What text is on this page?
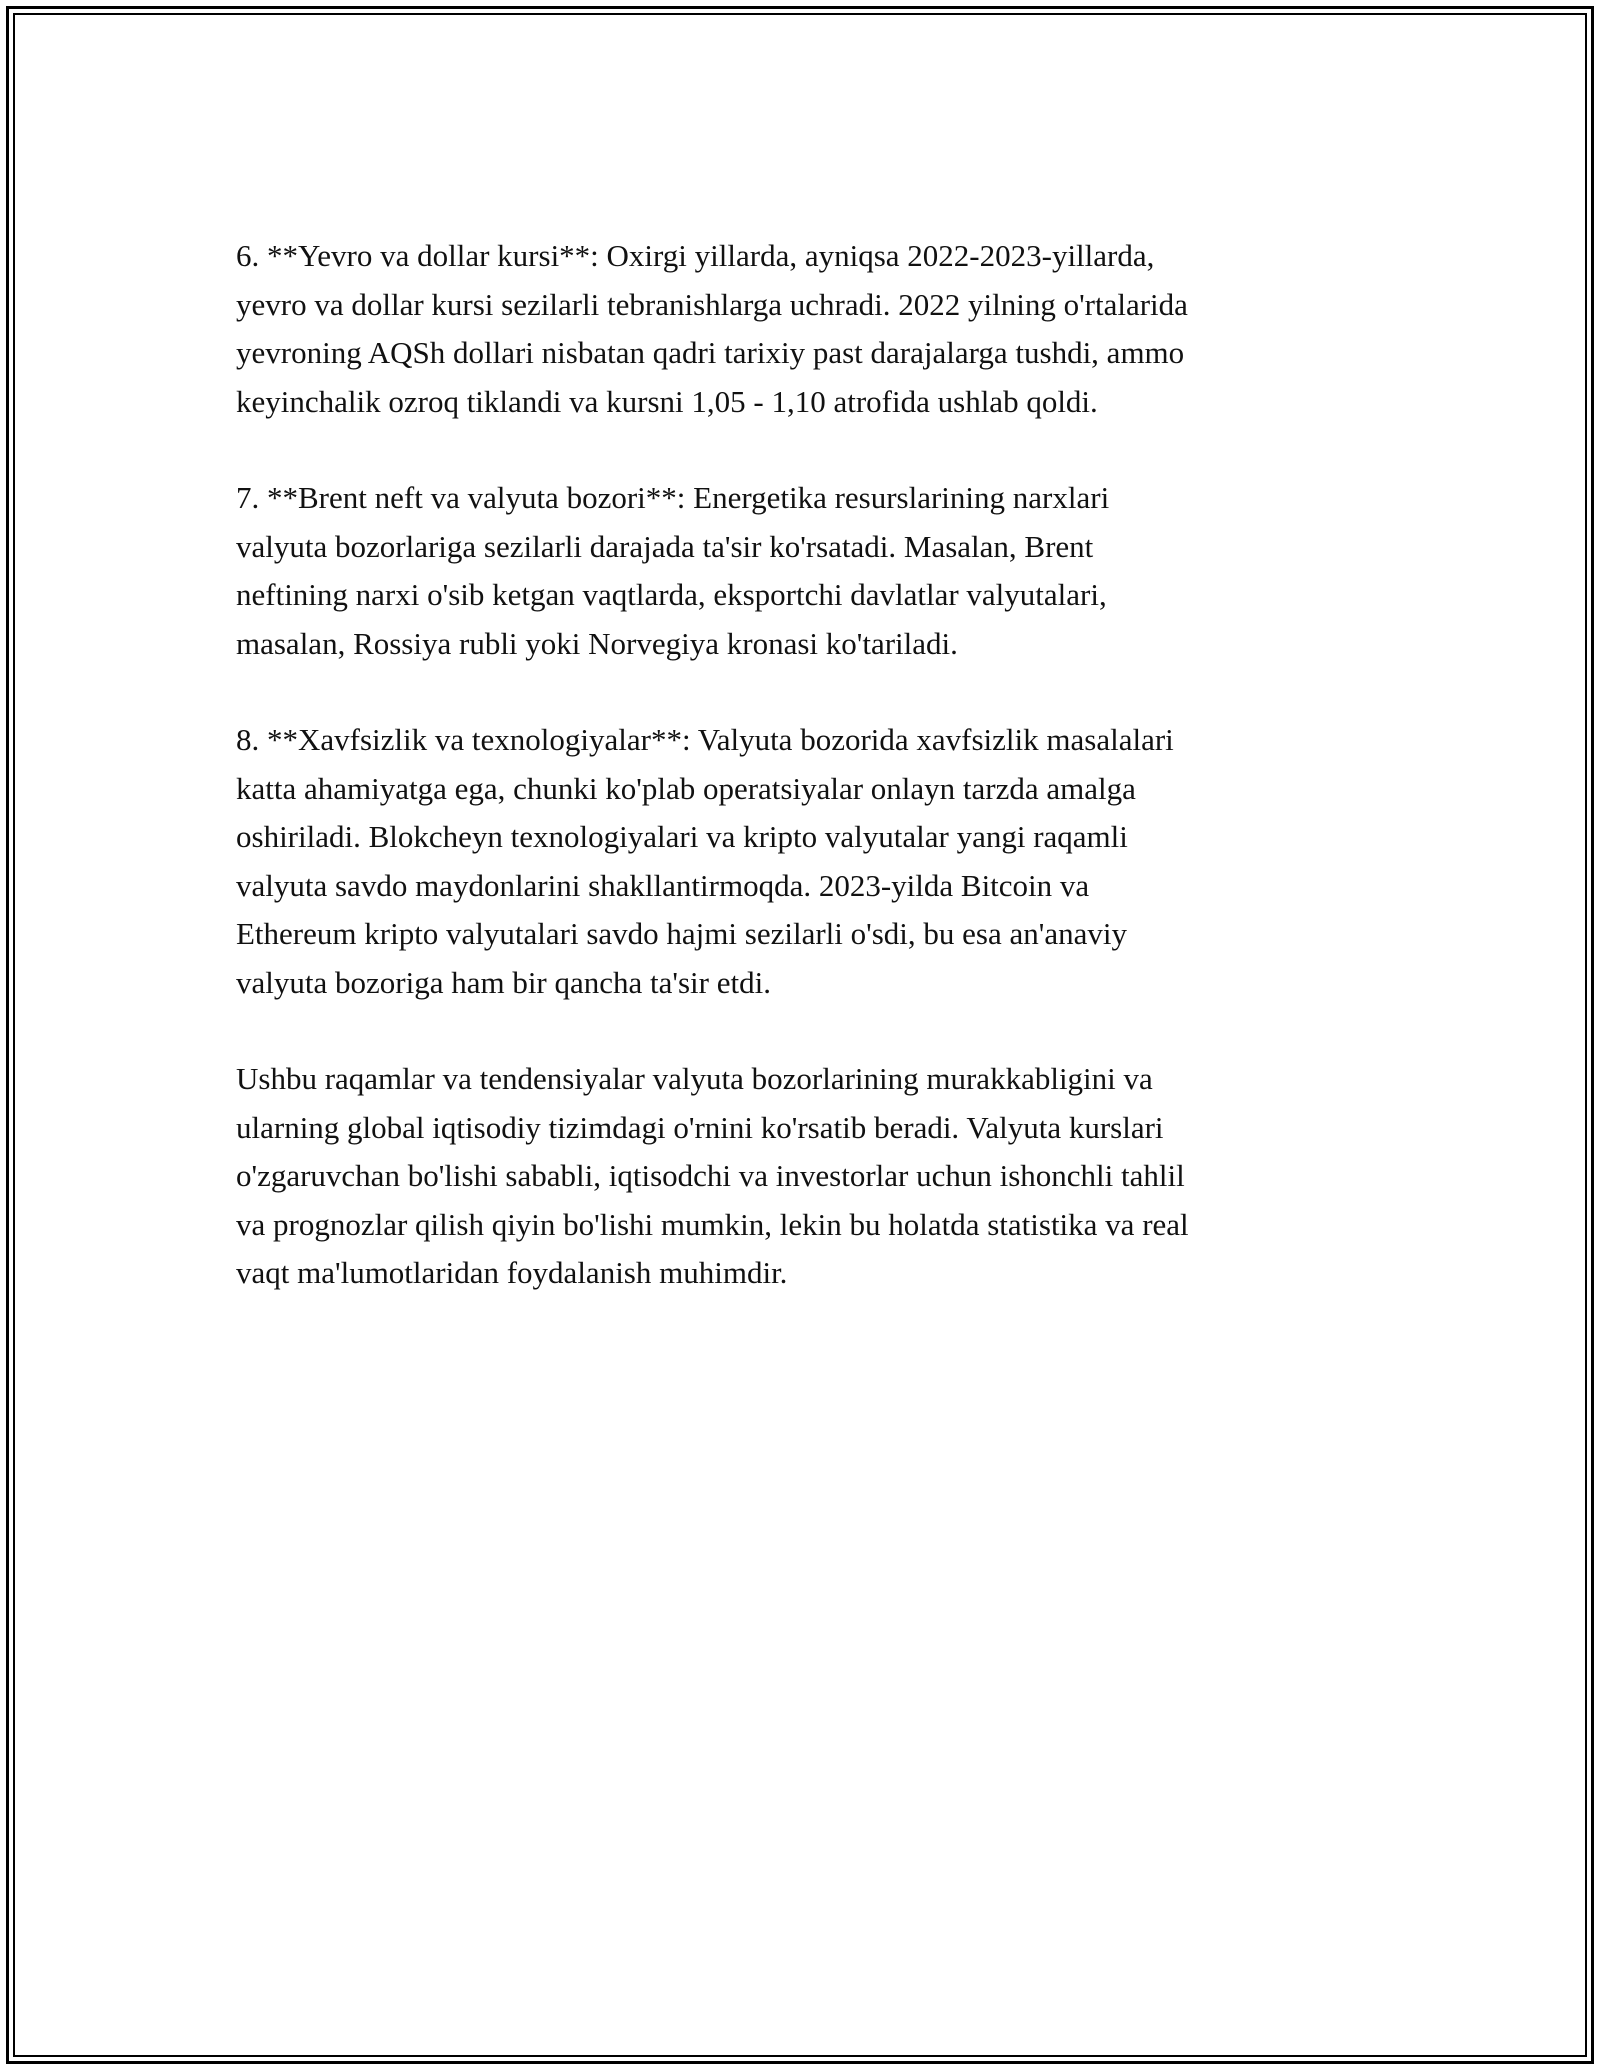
6. **Yevro va dollar kursi**: Oxirgi yillarda, ayniqsa 2022-2023-yillarda,
yevro va dollar kursi sezilarli tebranishlarga uchradi. 2022 yilning o'rtalarida
yevroning AQSh dollari nisbatan qadri tarixiy past darajalarga tushdi, ammo
keyinchalik ozroq tiklandi va kursni 1,05 - 1,10 atrofida ushlab qoldi.

7. **Brent neft va valyuta bozori**: Energetika resurslarining narxlari
valyuta bozorlariga sezilarli darajada ta'sir ko'rsatadi. Masalan, Brent
neftining narxi o'sib ketgan vaqtlarda, eksportchi davlatlar valyutalari,
masalan, Rossiya rubli yoki Norvegiya kronasi ko'tariladi.

8. **Xavfsizlik va texnologiyalar**: Valyuta bozorida xavfsizlik masalalari
katta ahamiyatga ega, chunki ko'plab operatsiyalar onlayn tarzda amalga
oshiriladi. Blokcheyn texnologiyalari va kripto valyutalar yangi raqamli
valyuta savdo maydonlarini shakllantirmoqda. 2023-yilda Bitcoin va
Ethereum kripto valyutalari savdo hajmi sezilarli o'sdi, bu esa an'anaviy
valyuta bozoriga ham bir qancha ta'sir etdi.

Ushbu raqamlar va tendensiyalar valyuta bozorlarining murakkabligini va
ularning global iqtisodiy tizimdagi o'rnini ko'rsatib beradi. Valyuta kurslari
o'zgaruvchan bo'lishi sababli, iqtisodchi va investorlar uchun ishonchli tahlil
va prognozlar qilish qiyin bo'lishi mumkin, lekin bu holatda statistika va real
vaqt ma'lumotlaridan foydalanish muhimdir.
